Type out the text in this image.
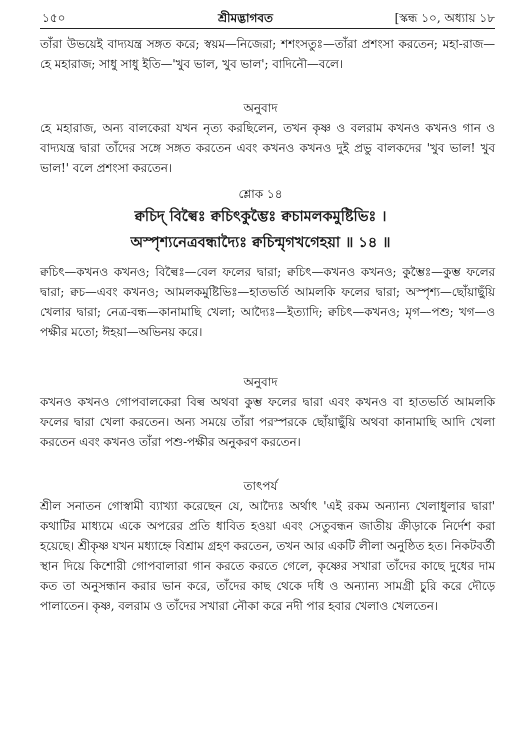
১৫০	শ্রীমদ্ভাগবত	[স্কন্ধ ১০, অধ্যায় ১৮

তাঁরা উভয়েই বাদ্যযন্ত্র সঙ্গত করে; স্বয়ম—নিজেরা; শশংসতুঃ—তাঁরা প্রশংসা করতেন; মহা-রাজ—হে মহারাজ; সাধু সাধু ইতি—'খুব ভাল, খুব ভাল'; বাদিনৌ—বলে।

অনুবাদ

হে মহারাজ, অন্য বালকেরা যখন নৃত্য করছিলেন, তখন কৃষ্ণ ও বলরাম কখনও কখনও গান ও বাদ্যযন্ত্র দ্বারা তাঁদের সঙ্গে সঙ্গত করতেন এবং কখনও কখনও দুই প্রভু বালকদের 'খুব ভাল! খুব ভাল!' বলে প্রশংসা করতেন।

শ্লোক ১৪

ক্বচিদ্ বিল্বৈঃ ক্বচিৎকুম্ভৈঃ ক্বচামলকমুষ্টিভিঃ ।

অস্পৃশ্যনেত্রবন্ধাদ্যৈঃ ক্বচিন্মৃগখগেহয়া ॥ ১৪ ॥

ক্বচিৎ—কখনও কখনও; বিল্বৈঃ—বেল ফলের দ্বারা; ক্বচিৎ—কখনও কখনও; কুম্ভৈঃ—কুম্ভ ফলের দ্বারা; ক্বচ—এবং কখনও; আমলকমুষ্টিভিঃ—হাতভর্তি আমলকি ফলের দ্বারা; অস্পৃশ্য—ছোঁয়াছুঁয়ি খেলার দ্বারা; নেত্র-বন্ধ—কানামাছি খেলা; আদ্যৈঃ—ইত্যাদি; ক্বচিৎ—কখনও; মৃগ—পশু; খগ—ও পক্ষীর মতো; ঈহয়া—অভিনয় করে।

অনুবাদ

কখনও কখনও গোপবালকেরা বিল্ব অথবা কুম্ভ ফলের দ্বারা এবং কখনও বা হাতভর্তি আমলকি ফলের দ্বারা খেলা করতেন। অন্য সময়ে তাঁরা পরস্পরকে ছোঁয়াছুঁয়ি অথবা কানামাছি আদি খেলা করতেন এবং কখনও তাঁরা পশু-পক্ষীর অনুকরণ করতেন।

তাৎপর্য

শ্রীল সনাতন গোস্বামী ব্যাখ্যা করেছেন যে, আদ্যৈঃ অর্থাৎ 'এই রকম অন্যান্য খেলাধুলার দ্বারা' কথাটির মাধ্যমে একে অপরের প্রতি ধাবিত হওয়া এবং সেতুবন্ধন জাতীয় ক্রীড়াকে নির্দেশ করা হয়েছে। শ্রীকৃষ্ণ যখন মধ্যাহ্নে বিশ্রাম গ্রহণ করতেন, তখন আর একটি লীলা অনুষ্ঠিত হত। নিকটবর্তী স্থান দিয়ে কিশোরী গোপবালারা গান করতে করতে গেলে, কৃষ্ণের সখারা তাঁদের কাছে দুধের দাম কত তা অনুসন্ধান করার ভান করে, তাঁদের কাছ থেকে দধি ও অন্যান্য সামগ্রী চুরি করে দৌড়ে পালাতেন। কৃষ্ণ, বলরাম ও তাঁদের সখারা নৌকা করে নদী পার হবার খেলাও খেলতেন।
